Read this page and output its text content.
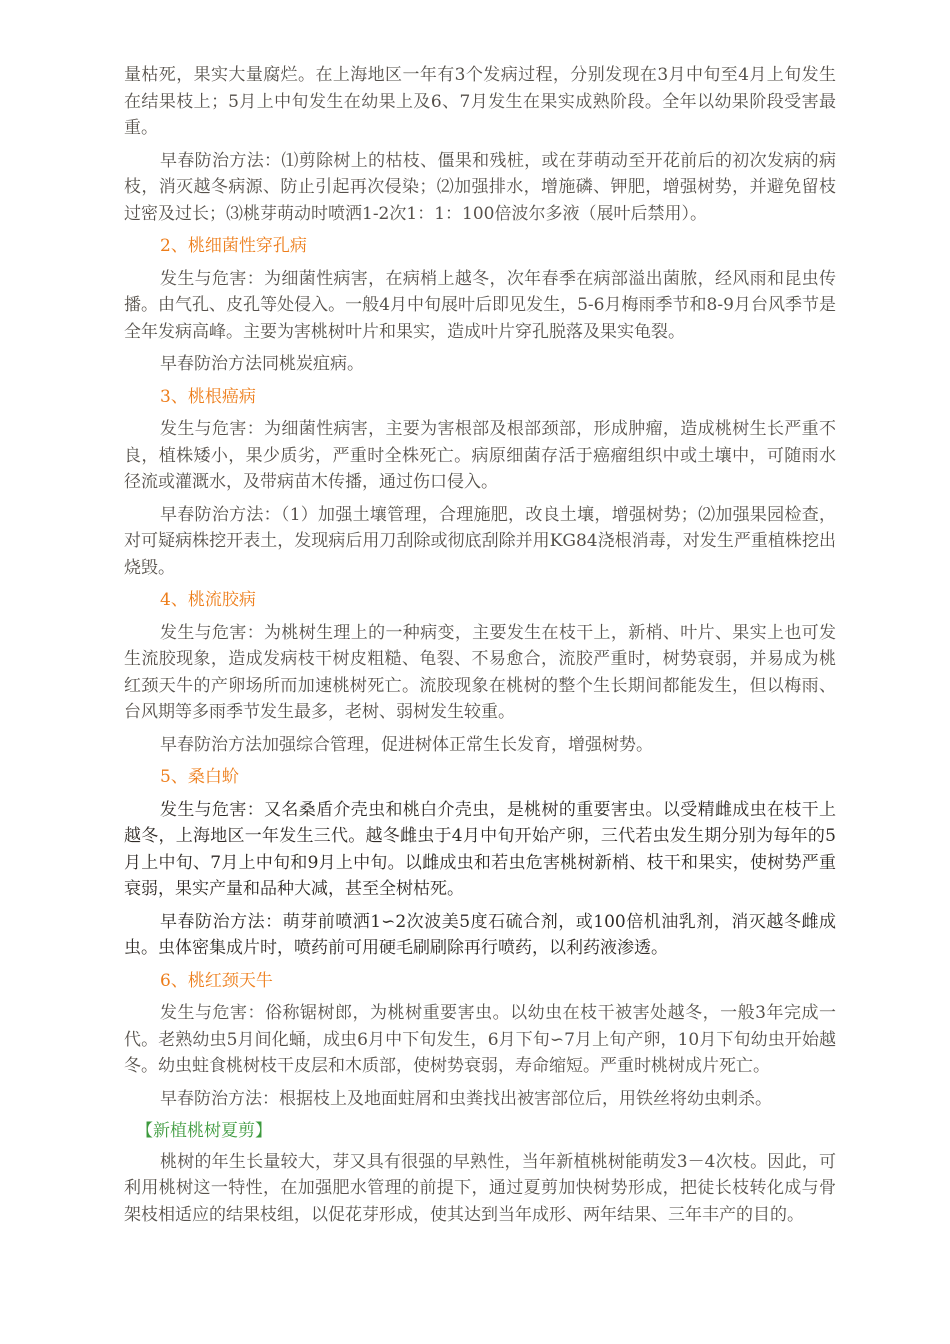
量枯死，果实大量腐烂。在上海地区一年有3个发病过程，分别发现在3月中旬至4月上旬发生在结果枝上；5月上中旬发生在幼果上及6、7月发生在果实成熟阶段。全年以幼果阶段受害最重。

早春防治方法：⑴剪除树上的枯枝、僵果和残桩，或在芽萌动至开花前后的初次发病的病枝，消灭越冬病源、防止引起再次侵染；⑵加强排水，增施磷、钾肥，增强树势，并避免留枝过密及过长；⑶桃芽萌动时喷洒1-2次1：1：100倍波尔多液（展叶后禁用）。

2、桃细菌性穿孔病

发生与危害：为细菌性病害，在病梢上越冬，次年春季在病部溢出菌脓，经风雨和昆虫传播。由气孔、皮孔等处侵入。一般4月中旬展叶后即见发生，5-6月梅雨季节和8-9月台风季节是全年发病高峰。主要为害桃树叶片和果实，造成叶片穿孔脱落及果实龟裂。

早春防治方法同桃炭疽病。

3、桃根癌病

发生与危害：为细菌性病害，主要为害根部及根部颈部，形成肿瘤，造成桃树生长严重不良，植株矮小，果少质劣，严重时全株死亡。病原细菌存活于癌瘤组织中或土壤中，可随雨水径流或灌溉水，及带病苗木传播，通过伤口侵入。

早春防治方法：（1）加强土壤管理，合理施肥，改良土壤，增强树势；⑵加强果园检查，对可疑病株挖开表土，发现病后用刀刮除或彻底刮除并用KG84浇根消毒，对发生严重植株挖出烧毁。

4、桃流胶病

发生与危害：为桃树生理上的一种病变，主要发生在枝干上，新梢、叶片、果实上也可发生流胶现象，造成发病枝干树皮粗糙、龟裂、不易愈合，流胶严重时，树势衰弱，并易成为桃红颈天牛的产卵场所而加速桃树死亡。流胶现象在桃树的整个生长期间都能发生，但以梅雨、台风期等多雨季节发生最多，老树、弱树发生较重。

早春防治方法加强综合管理，促进树体正常生长发育，增强树势。

5、桑白蚧

发生与危害：又名桑盾介壳虫和桃白介壳虫，是桃树的重要害虫。以受精雌成虫在枝干上越冬，上海地区一年发生三代。越冬雌虫于4月中旬开始产卵，三代若虫发生期分别为每年的5月上中旬、7月上中旬和9月上中旬。以雌成虫和若虫危害桃树新梢、枝干和果实，使树势严重衰弱，果实产量和品种大减，甚至全树枯死。

早春防治方法：萌芽前喷洒1∽2次波美5度石硫合剂，或100倍机油乳剂，消灭越冬雌成虫。虫体密集成片时，喷药前可用硬毛刷刷除再行喷药，以利药液渗透。

6、桃红颈天牛

发生与危害：俗称锯树郎，为桃树重要害虫。以幼虫在枝干被害处越冬，一般3年完成一代。老熟幼虫5月间化蛹，成虫6月中下旬发生，6月下旬∽7月上旬产卵，10月下旬幼虫开始越冬。幼虫蛀食桃树枝干皮层和木质部，使树势衰弱，寿命缩短。严重时桃树成片死亡。

早春防治方法：根据枝上及地面蛀屑和虫粪找出被害部位后，用铁丝将幼虫剌杀。

【新植桃树夏剪】

桃树的年生长量较大，芽又具有很强的早熟性，当年新植桃树能萌发3－4次枝。因此，可利用桃树这一特性，在加强肥水管理的前提下，通过夏剪加快树势形成，把徒长枝转化成与骨架枝相适应的结果枝组，以促花芽形成，使其达到当年成形、两年结果、三年丰产的目的。
